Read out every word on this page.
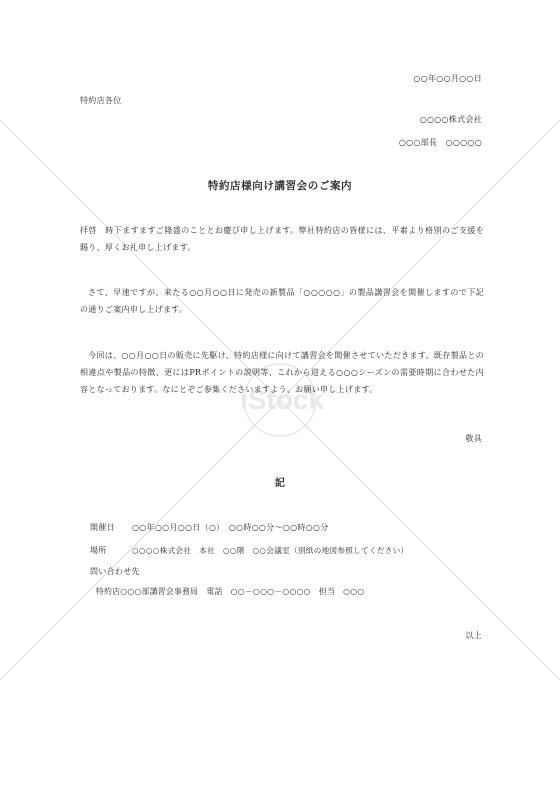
iStock
○○年○○月○○日
特約店各位
○○○○株式会社
○○○部長　○○○○○
特約店様向け講習会のご案内
拝啓　時下ますますご隆盛のこととお慶び申し上げます。弊社特約店の皆様には、平素より格別のご支援を賜り、厚くお礼申し上げます。
さて、早速ですが、来たる○○月○○日に発売の新製品「○○○○○」の製品講習会を開催しますので下記の通りご案内申し上げます。
今回は、○○月○○日の販売に先駆け、特約店様に向けて講習会を開催させていただきます。既存製品との相違点や製品の特徴、更にはPRポイントの説明等、これから迎える○○○シーズンの需要時期に合わせた内容となっております。なにとぞご参集くださいますよう、お願い申し上げます。
敬具
記
開催日 ○○年○○月○○日（○）　○○時○○分～○○時○○分
場所	○○○○株式会社　本社　○○階　○○会議室（別紙の地図参照してください）
問い合わせ先
特約店○○○部講習会事務局　電話　○○－○○○－○○○○　担当　○○○
以上
